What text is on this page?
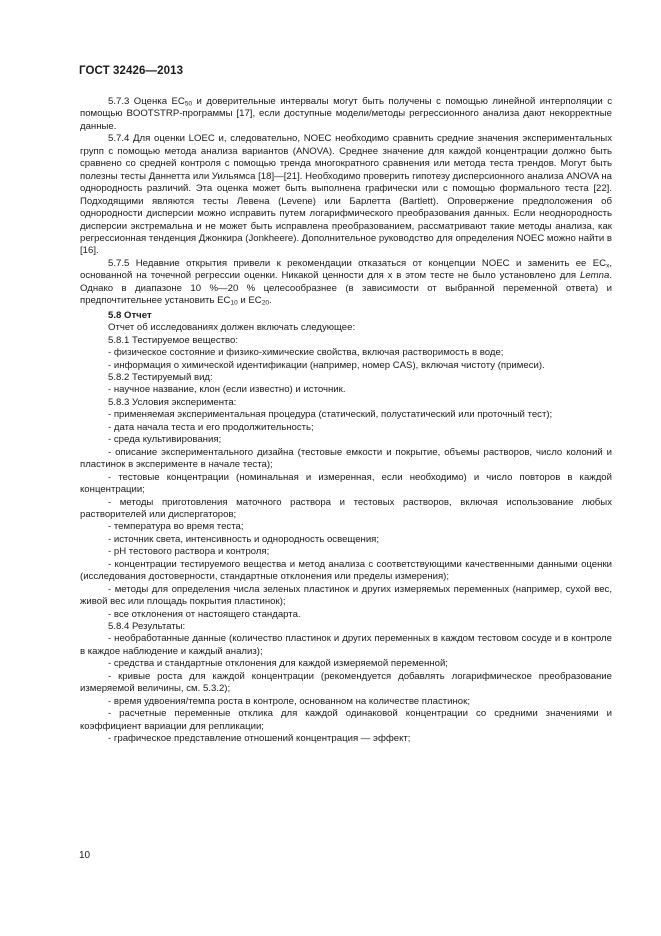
ГОСТ 32426—2013

5.7.3 Оценка $EC_{50}$ и доверительные интервалы могут быть получены с помощью линейной интерполяции с помощью BOOTSTRP-программы [17], если доступные модели/методы регрессионного анализа дают некорректные данные.

5.7.4 Для оценки LOEC и, следовательно, NOEC необходимо сравнить средние значения экспериментальных групп с помощью метода анализа вариантов (ANOVA). Среднее значение для каждой концентрации должно быть сравнено со средней контроля с помощью тренда многократного сравнения или метода теста трендов. Могут быть полезны тесты Даннетта или Уильямса [18]—[21]. Необходимо проверить гипотезу дисперсионного анализа ANOVA на однородность различий. Эта оценка может быть выполнена графически или с помощью формального теста [22]. Подходящими являются тесты Левена (Levene) или Барлетта (Bartlett). Опровержение предположения об однородности дисперсии можно исправить путем логарифмического преобразования данных. Если неоднородность дисперсии экстремальна и не может быть исправлена преобразованием, рассматривают такие методы анализа, как регрессионная тенденция Джонкира (Jonkheere). Дополнительное руководство для определения NOEC можно найти в [16].

5.7.5 Недавние открытия привели к рекомендации отказаться от концепции NOEC и заменить ее $EC_x$, основанной на точечной регрессии оценки. Никакой ценности для x в этом тесте не было установлено для Lemna. Однако в диапазоне 10 %—20 % целесообразнее (в зависимости от выбранной переменной ответа) и предпочтительнее установить $EC_{10}$ и $EC_{20}$.

5.8 Отчет

Отчет об исследованиях должен включать следующее:

5.8.1 Тестируемое вещество:

- физическое состояние и физико-химические свойства, включая растворимость в воде;

- информация о химической идентификации (например, номер CAS), включая чистоту (примеси).

5.8.2 Тестируемый вид:

- научное название, клон (если известно) и источник.

5.8.3 Условия эксперимента:

- применяемая экспериментальная процедура (статический, полустатический или проточный тест);

- дата начала теста и его продолжительность;

- среда культивирования;

- описание экспериментального дизайна (тестовые емкости и покрытие, объемы растворов, число колоний и пластинок в эксперименте в начале теста);

- тестовые концентрации (номинальная и измеренная, если необходимо) и число повторов в каждой концентрации;

- методы приготовления маточного раствора и тестовых растворов, включая использование любых растворителей или диспергаторов;

- температура во время теста;

- источник света, интенсивность и однородность освещения;

- pH тестового раствора и контроля;

- концентрации тестируемого вещества и метод анализа с соответствующими качественными данными оценки (исследования достоверности, стандартные отклонения или пределы измерения);

- методы для определения числа зеленых пластинок и других измеряемых переменных (например, сухой вес, живой вес или площадь покрытия пластинок);

- все отклонения от настоящего стандарта.

5.8.4 Результаты:

- необработанные данные (количество пластинок и других переменных в каждом тестовом сосуде и в контроле в каждое наблюдение и каждый анализ);

- средства и стандартные отклонения для каждой измеряемой переменной;

- кривые роста для каждой концентрации (рекомендуется добавлять логарифмическое преобразование измеряемой величины, см. 5.3.2);

- время удвоения/темпа роста в контроле, основанном на количестве пластинок;

- расчетные переменные отклика для каждой одинаковой концентрации со средними значениями и коэффициент вариации для репликации;

- графическое представление отношений концентрация — эффект;

10
